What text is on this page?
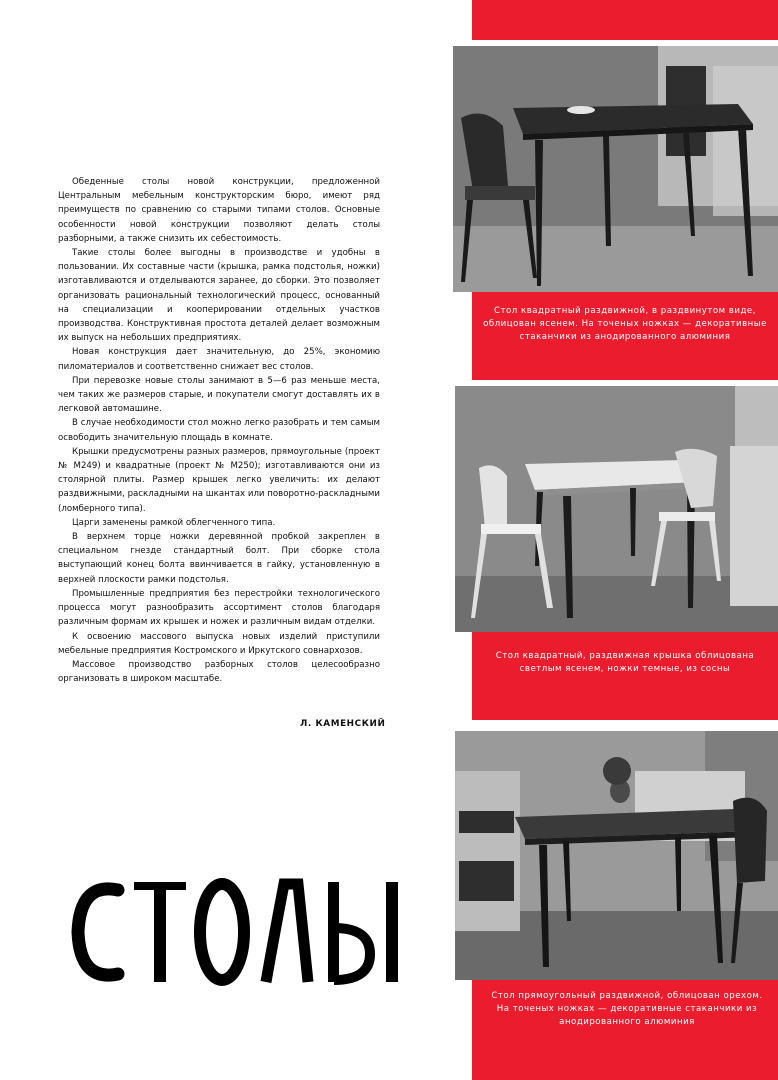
Стол квадратный раздвижной, в раздвинутом виде, облицован ясенем. На точеных ножках — декоративные стаканчики из анодированного алюминия
Стол квадратный, раздвижная крышка облицована светлым ясенем, ножки темные, из сосны
Стол прямоугольный раздвижной, облицован орехом. На точеных ножках — декоративные стаканчики из анодированного алюминия

Обеденные столы новой конструкции, предложенной Центральным мебельным конструкторским бюро, имеют ряд преимуществ по сравнению со старыми типами столов. Основные особенности новой конструкции позволяют делать столы разборными, а также снизить их себестоимость.

Такие столы более выгодны в производстве и удобны в пользовании. Их составные части (крышка, рамка подстолья, ножки) изготавливаются и отделываются заранее, до сборки. Это позволяет организовать рациональный технологический процесс, основанный на специализации и кооперировании отдельных участков производства. Конструктивная простота деталей делает возможным их выпуск на небольших предприятиях.

Новая конструкция дает значительную, до 25%, экономию пиломатериалов и соответственно снижает вес столов.

При перевозке новые столы занимают в 5—6 раз меньше места, чем таких же размеров старые, и покупатели смогут доставлять их в легковой автомашине.

В случае необходимости стол можно легко разобрать и тем самым освободить значительную площадь в комнате.

Крышки предусмотрены разных размеров, прямоугольные (проект № М249) и квадратные (проект № М250); изготавливаются они из столярной плиты. Размер крышек легко увеличить: их делают раздвижными, раскладными на шкантах или поворотно-раскладными (ломберного типа).

Царги заменены рамкой облегченного типа.

В верхнем торце ножки деревянной пробкой закреплен в специальном гнезде стандартный болт. При сборке стола выступающий конец болта ввинчивается в гайку, установленную в верхней плоскости рамки подстолья.

Промышленные предприятия без перестройки технологического процесса могут разнообразить ассортимент столов благодаря различным формам их крышек и ножек и различным видам отделки.

К освоению массового выпуска новых изделий приступили мебельные предприятия Костромского и Иркутского совнархозов.

Массовое производство разборных столов целесообразно организовать в широком масштабе.

Л. КАМЕНСКИЙ
